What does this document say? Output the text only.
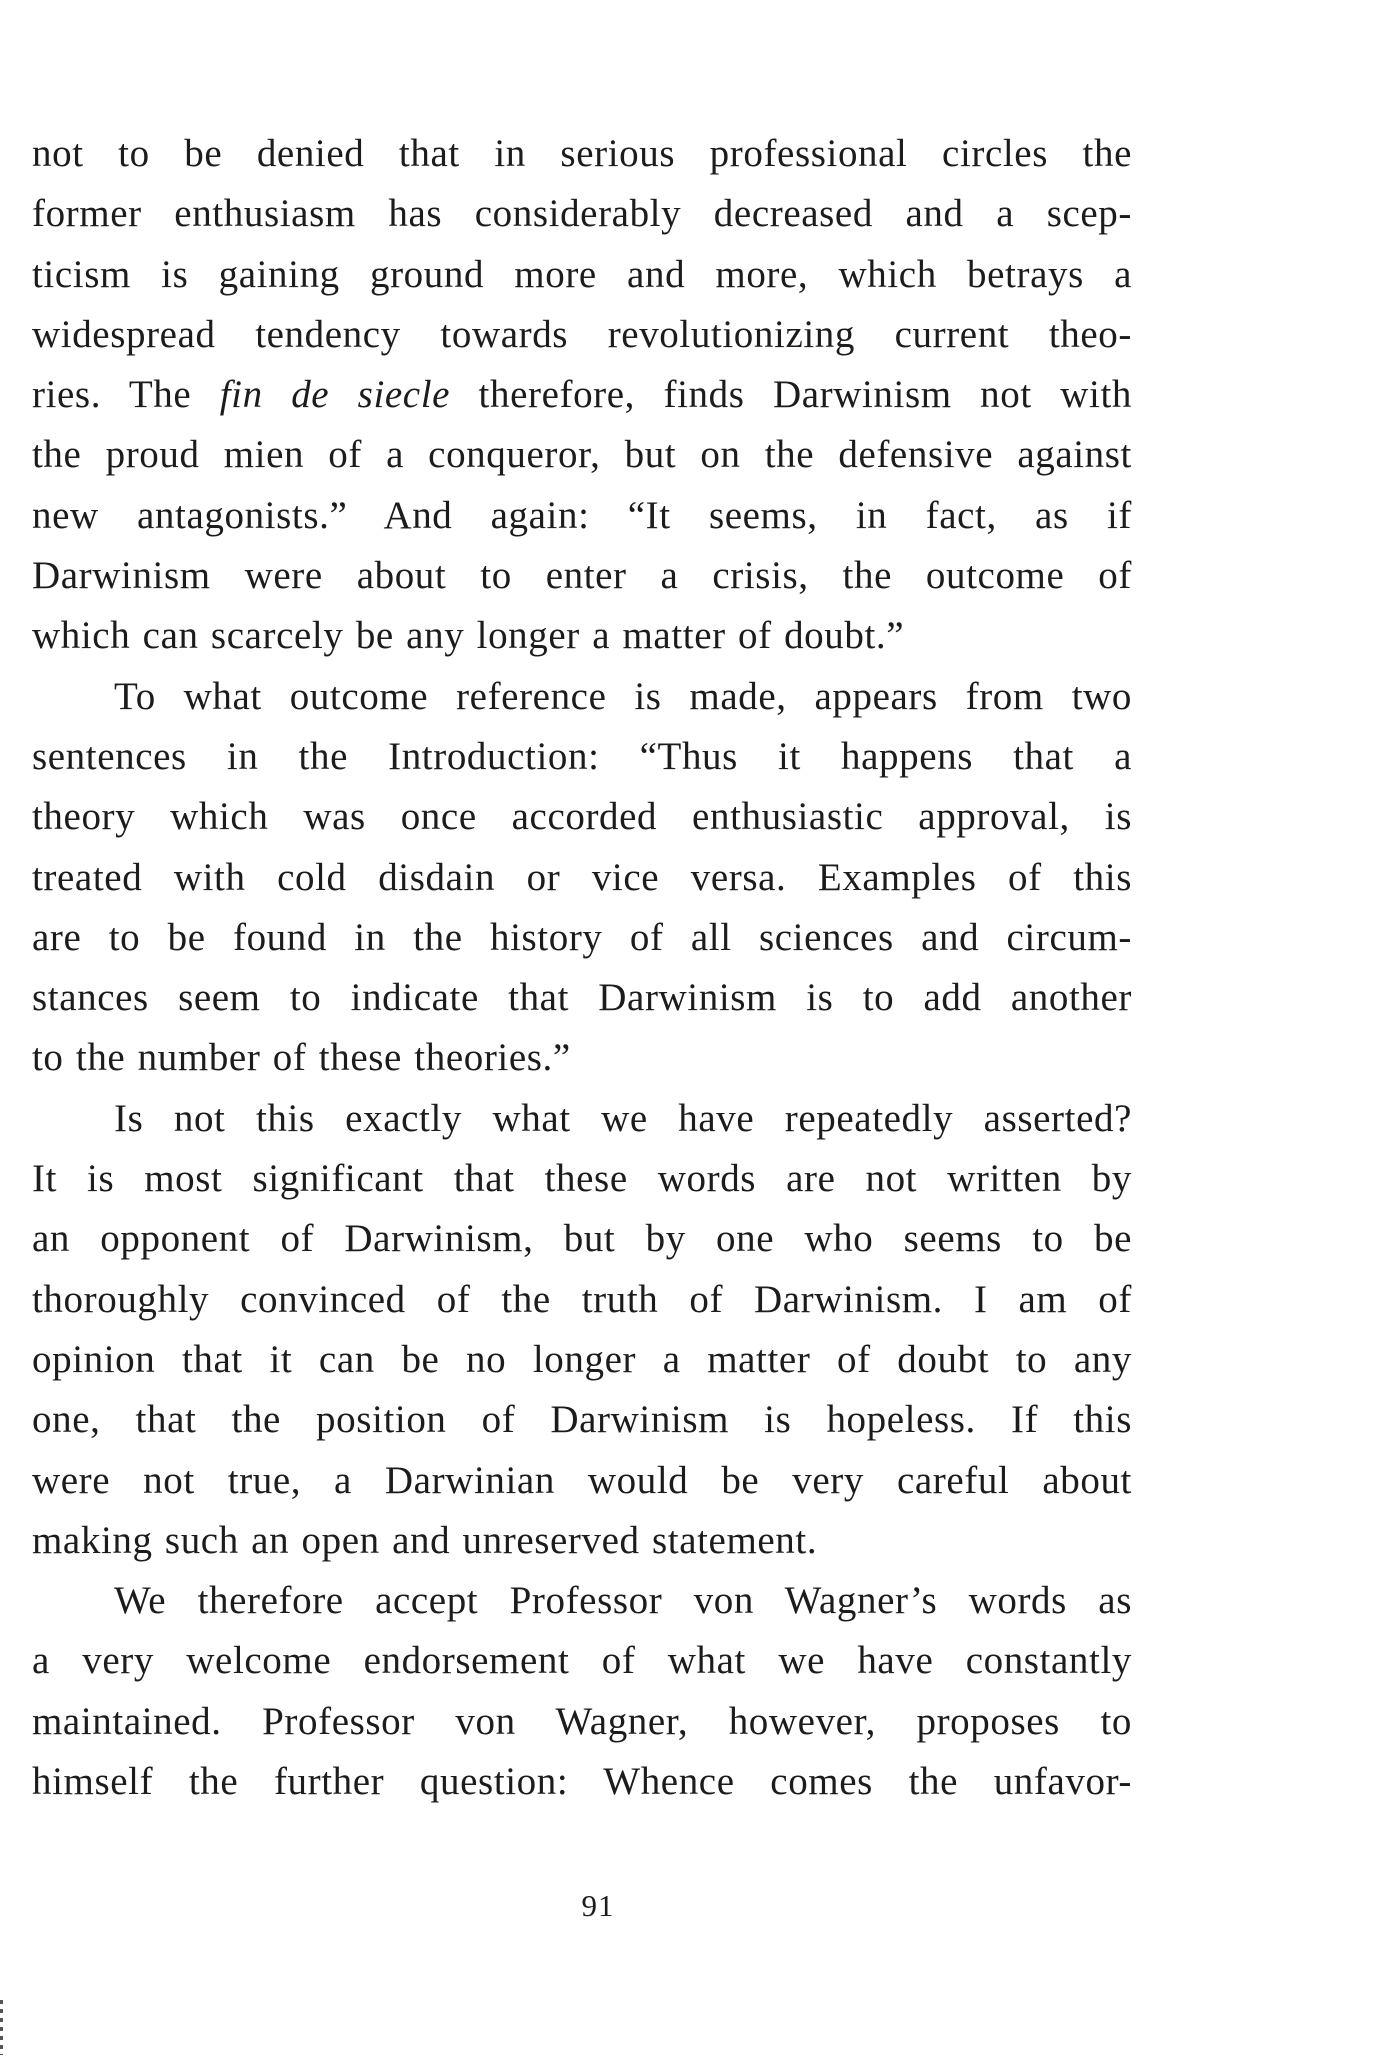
not to be denied that in serious professional circles the
former enthusiasm has considerably decreased and a scep-
ticism is gaining ground more and more, which betrays a
widespread tendency towards revolutionizing current theo-
ries. The fin de siecle therefore, finds Darwinism not with
the proud mien of a conqueror, but on the defensive against
new antagonists.” And again: “It seems, in fact, as if
Darwinism were about to enter a crisis, the outcome of
which can scarcely be any longer a matter of doubt.”

To what outcome reference is made, appears from two
sentences in the Introduction: “Thus it happens that a
theory which was once accorded enthusiastic approval, is
treated with cold disdain or vice versa. Examples of this
are to be found in the history of all sciences and circum-
stances seem to indicate that Darwinism is to add another
to the number of these theories.”

Is not this exactly what we have repeatedly asserted?
It is most significant that these words are not written by
an opponent of Darwinism, but by one who seems to be
thoroughly convinced of the truth of Darwinism. I am of
opinion that it can be no longer a matter of doubt to any
one, that the position of Darwinism is hopeless. If this
were not true, a Darwinian would be very careful about
making such an open and unreserved statement.

We therefore accept Professor von Wagner’s words as
a very welcome endorsement of what we have constantly
maintained. Professor von Wagner, however, proposes to
himself the further question: Whence comes the unfavor-

91
